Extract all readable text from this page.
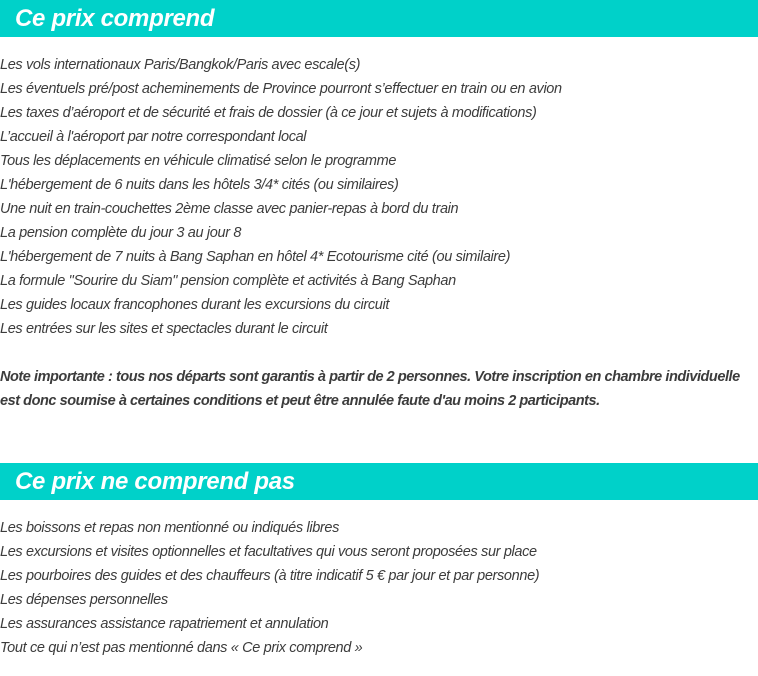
Ce prix comprend
Les vols internationaux Paris/Bangkok/Paris avec escale(s)
Les éventuels pré/post acheminements de Province pourront s’effectuer en train ou en avion
Les taxes d’aéroport et de sécurité et frais de dossier (à ce jour et sujets à modifications)
L’accueil à l'aéroport par notre correspondant local
Tous les déplacements en véhicule climatisé selon le programme
L'hébergement de 6 nuits dans les hôtels 3/4* cités (ou similaires)
Une nuit en train-couchettes 2ème classe avec panier-repas à bord du train
La pension complète du jour 3 au jour 8
L'hébergement de 7 nuits à Bang Saphan en hôtel 4* Ecotourisme cité (ou similaire)
La formule "Sourire du Siam" pension complète et activités à Bang Saphan
Les guides locaux francophones durant les excursions du circuit
Les entrées sur les sites et spectacles durant le circuit
Note importante : tous nos départs sont garantis à partir de 2 personnes. Votre inscription en chambre individuelle est donc soumise à certaines conditions et peut être annulée faute d'au moins 2 participants.
Ce prix ne comprend pas
Les boissons et repas non mentionné ou indiqués libres
Les excursions et visites optionnelles et facultatives qui vous seront proposées sur place
Les pourboires des guides et des chauffeurs (à titre indicatif 5 € par jour et par personne)
Les dépenses personnelles
Les assurances assistance rapatriement et annulation
Tout ce qui n’est pas mentionné dans « Ce prix comprend »
